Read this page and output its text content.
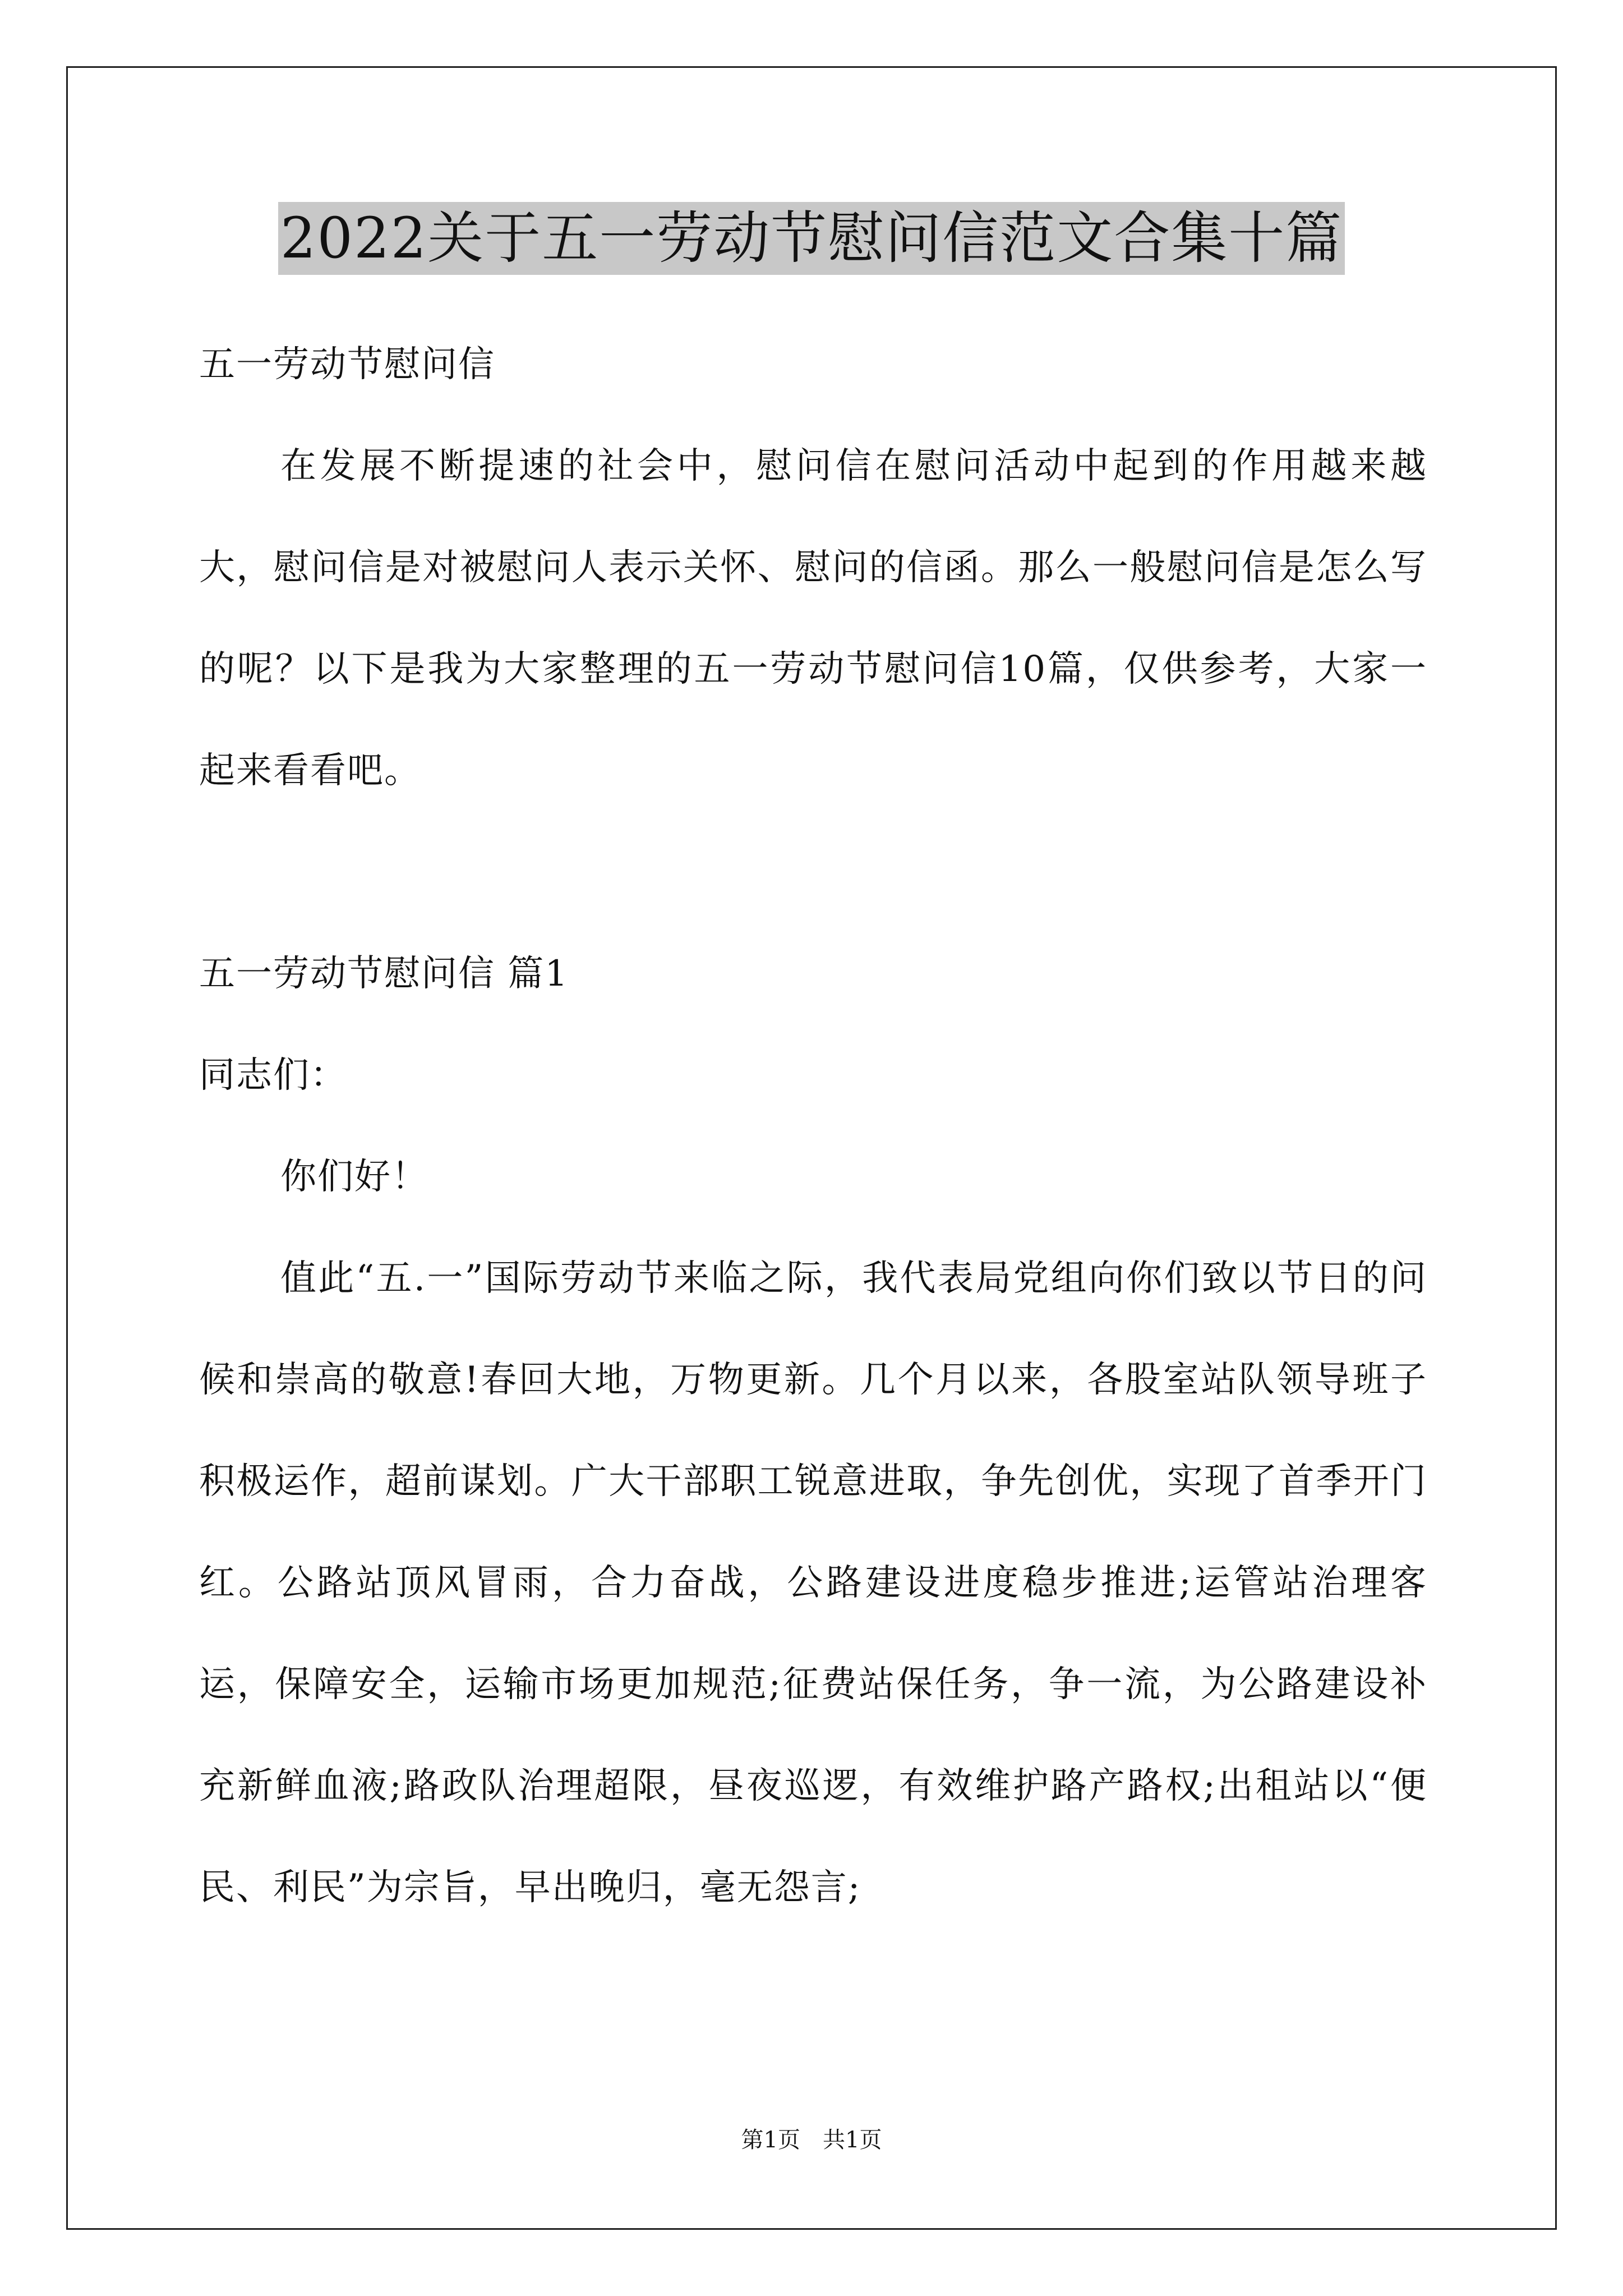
2022关于五一劳动节慰问信范文合集十篇

五一劳动节慰问信

在发展不断提速的社会中，慰问信在慰问活动中起到的作用越来越大，慰问信是对被慰问人表示关怀、慰问的信函。那么一般慰问信是怎么写的呢？以下是我为大家整理的五一劳动节慰问信10篇，仅供参考，大家一起来看看吧。

五一劳动节慰问信 篇1

同志们：

你们好！

值此“五.一”国际劳动节来临之际，我代表局党组向你们致以节日的问候和崇高的敬意!春回大地，万物更新。几个月以来，各股室站队领导班子积极运作，超前谋划。广大干部职工锐意进取，争先创优，实现了首季开门红。公路站顶风冒雨，合力奋战，公路建设进度稳步推进;运管站治理客运，保障安全，运输市场更加规范;征费站保任务，争一流，为公路建设补充新鲜血液;路政队治理超限，昼夜巡逻，有效维护路产路权;出租站以“便民、利民”为宗旨，早出晚归，毫无怨言;

第1页　共1页
